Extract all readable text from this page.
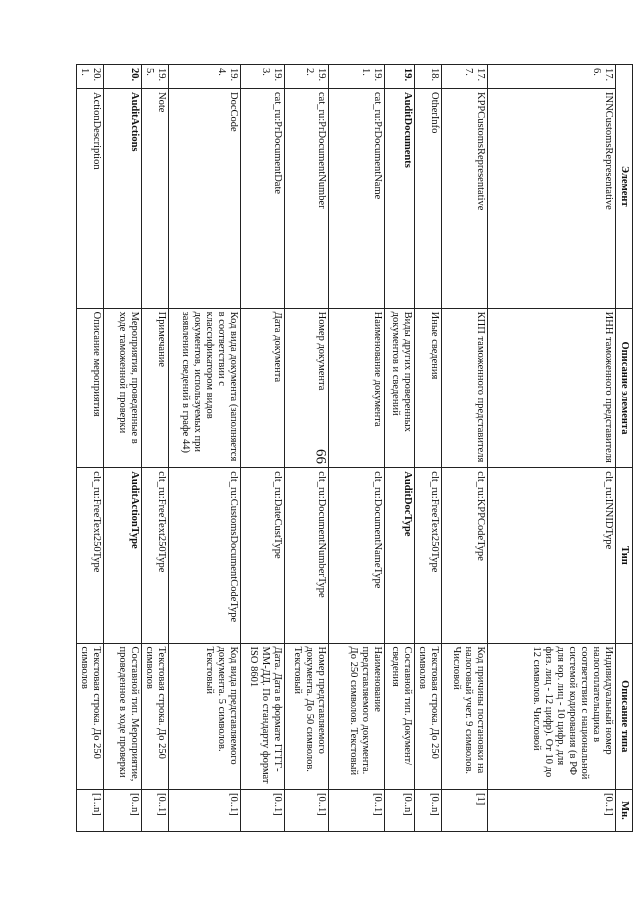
66
Элемент		Описание элемента	Тип	Описание типа	Мн.
17.6.	INNCustomsRepresentative	ИНН таможенного представителя	clt_ru:INNIDType	Индивидуальный номер налогоплательщика в соответствии с национальной системой кодирования (в РФ для юр. лиц - 10 цифр, для физ. лиц - 12 цифр). От 10 до 12 символов. Числовой	[0..1]
17.7.	KPPCustomsRepresentative	КПП таможенного представителя	clt_ru:KPPCodeType	Код причины постановки на налоговый учет. 9 символов. Числовой	[1]
18.	OtherInfo	Иные сведения	clt_ru:FreeText250Type	Текстовая строка. До 250 символов	[0..n]
19.	AuditDocuments	Виды других проверенных документов и сведений	AuditDocType	Составной тип. Документ/сведения	[0..n]
19.1.	cat_ru:PrDocumentName	Наименование документа	clt_ru:DocumentNameType	Наименование представляемого документа. До 250 символов. Текстовый	[0..1]
19.2.	cat_ru:PrDocumentNumber	Номер документа	clt_ru:DocumentNumberType	Номер представляемого документа. До 50 символов. Текстовый	[0..1]
19.3.	cat_ru:PrDocumentDate	Дата документа	clt_ru:DateCustType	Дата. Дата в формате ГГГГ-ММ-ДД. По стандарту формат ISO 8601	[0..1]
19.4.	DocCode	Код вида документа (заполняется в соответствии с классификатором видов документов, используемых при заявлении сведений в графе 44)	clt_ru:CustomsDocumentCodeType	Код вида представляемого документа. 5 символов. Текстовый	[0..1]
19.5.	Note	Примечание	clt_ru:FreeText250Type	Текстовая строка. До 250 символов	[0..1]
20.	AuditActions	Мероприятия, проведенные в ходе таможенной проверки	AuditActionType	Составной тип. Мероприятие, проведенное в ходе проверки	[0..n]
20.1.	ActionDescription	Описание мероприятия	clt_ru:FreeText250Type	Текстовая строка. До 250 символов	[1..n]
